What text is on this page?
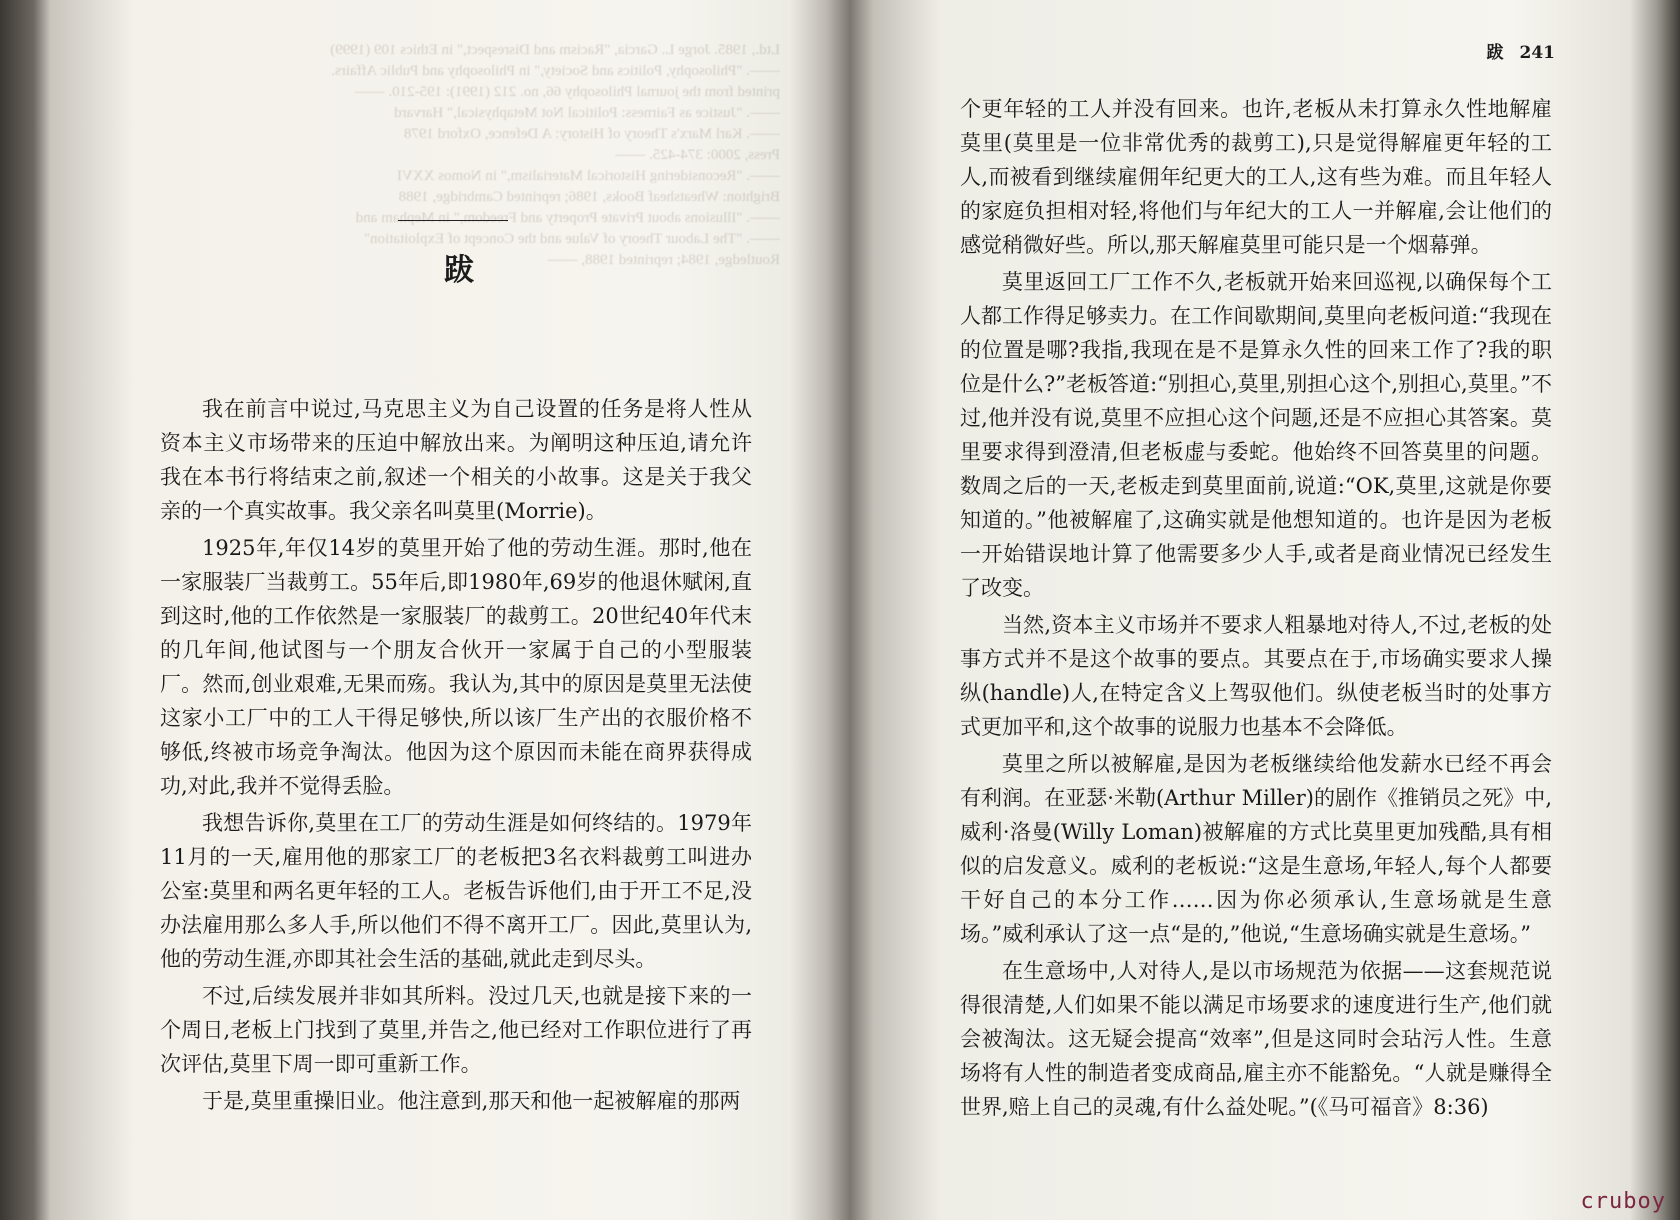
Ltd., 1985. Jorge L. Garcia, "Racism and Disrespect," in Ethics 109 (1999)
——. "Philosophy, Politics and Society," in Philosophy and Public Affairs.
printed from the journal Philosophy 66, no. 212 (1991): 195-210. ——
——. "Justice as Fairness: Political Not Metaphysical," Harvard
——. Karl Marx's Theory of History: A Defence, Oxford 1978
Press, 2000: 374-425. ——
——. "Reconsidering Historical Materialism," in Nomos XXVI
Brighton: Wheatsheaf Books, 1986; reprinted Cambridge, 1988
——. "Illusions about Private Property and Freedom," in Mepham and
——. "The Labour Theory of Value and the Concept of Exploitation"
Routledge, 1984; reprinted 1988, ——
跋

我在前言中说过,马克思主义为自己设置的任务是将人性从资本主义市场带来的压迫中解放出来。为阐明这种压迫,请允许我在本书行将结束之前,叙述一个相关的小故事。这是关于我父亲的一个真实故事。我父亲名叫莫里(Morrie)。

1925年,年仅14岁的莫里开始了他的劳动生涯。那时,他在一家服装厂当裁剪工。55年后,即1980年,69岁的他退休赋闲,直到这时,他的工作依然是一家服装厂的裁剪工。20世纪40年代末的几年间,他试图与一个朋友合伙开一家属于自己的小型服装厂。然而,创业艰难,无果而殇。我认为,其中的原因是莫里无法使这家小工厂中的工人干得足够快,所以该厂生产出的衣服价格不够低,终被市场竞争淘汰。他因为这个原因而未能在商界获得成功,对此,我并不觉得丢脸。

我想告诉你,莫里在工厂的劳动生涯是如何终结的。1979年11月的一天,雇用他的那家工厂的老板把3名衣料裁剪工叫进办公室:莫里和两名更年轻的工人。老板告诉他们,由于开工不足,没办法雇用那么多人手,所以他们不得不离开工厂。因此,莫里认为,他的劳动生涯,亦即其社会生活的基础,就此走到尽头。

不过,后续发展并非如其所料。没过几天,也就是接下来的一个周日,老板上门找到了莫里,并告之,他已经对工作职位进行了再次评估,莫里下周一即可重新工作。

于是,莫里重操旧业。他注意到,那天和他一起被解雇的那两

跋 241

个更年轻的工人并没有回来。也许,老板从未打算永久性地解雇莫里(莫里是一位非常优秀的裁剪工),只是觉得解雇更年轻的工人,而被看到继续雇佣年纪更大的工人,这有些为难。而且年轻人的家庭负担相对轻,将他们与年纪大的工人一并解雇,会让他们的感觉稍微好些。所以,那天解雇莫里可能只是一个烟幕弹。

莫里返回工厂工作不久,老板就开始来回巡视,以确保每个工人都工作得足够卖力。在工作间歇期间,莫里向老板问道:“我现在的位置是哪?我指,我现在是不是算永久性的回来工作了?我的职位是什么?”老板答道:“别担心,莫里,别担心这个,别担心,莫里。”不过,他并没有说,莫里不应担心这个问题,还是不应担心其答案。莫里要求得到澄清,但老板虚与委蛇。他始终不回答莫里的问题。数周之后的一天,老板走到莫里面前,说道:“OK,莫里,这就是你要知道的。”他被解雇了,这确实就是他想知道的。也许是因为老板一开始错误地计算了他需要多少人手,或者是商业情况已经发生了改变。

当然,资本主义市场并不要求人粗暴地对待人,不过,老板的处事方式并不是这个故事的要点。其要点在于,市场确实要求人操纵(handle)人,在特定含义上驾驭他们。纵使老板当时的处事方式更加平和,这个故事的说服力也基本不会降低。

莫里之所以被解雇,是因为老板继续给他发薪水已经不再会有利润。在亚瑟·米勒(Arthur Miller)的剧作《推销员之死》中,威利·洛曼(Willy Loman)被解雇的方式比莫里更加残酷,具有相似的启发意义。威利的老板说:“这是生意场,年轻人,每个人都要干好自己的本分工作……因为你必须承认,生意场就是生意场。”威利承认了这一点“是的,”他说,“生意场确实就是生意场。”

在生意场中,人对待人,是以市场规范为依据——这套规范说得很清楚,人们如果不能以满足市场要求的速度进行生产,他们就会被淘汰。这无疑会提高“效率”,但是这同时会玷污人性。生意场将有人性的制造者变成商品,雇主亦不能豁免。“人就是赚得全世界,赔上自己的灵魂,有什么益处呢。”(《马可福音》8:36)

cruboy
